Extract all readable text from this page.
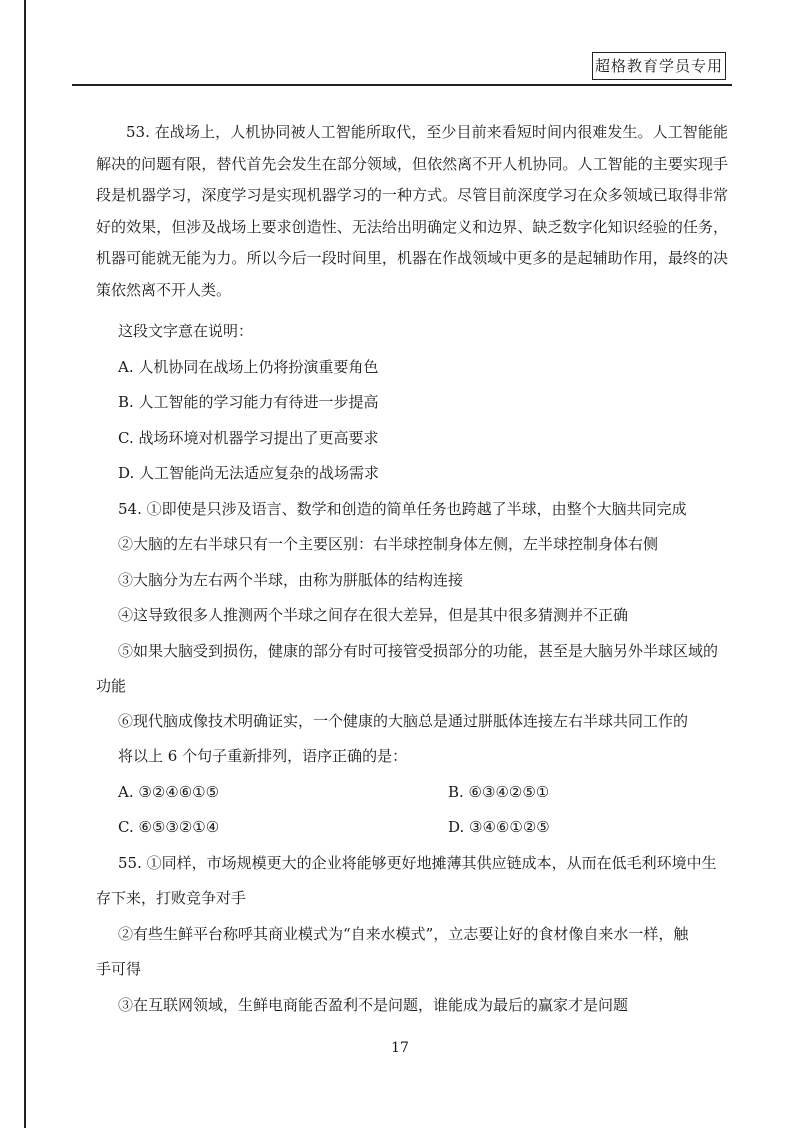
超格教育学员专用

53. 在战场上，人机协同被人工智能所取代，至少目前来看短时间内很难发生。人工智能能解决的问题有限，替代首先会发生在部分领域，但依然离不开人机协同。人工智能的主要实现手段是机器学习，深度学习是实现机器学习的一种方式。尽管目前深度学习在众多领域已取得非常好的效果，但涉及战场上要求创造性、无法给出明确定义和边界、缺乏数字化知识经验的任务，机器可能就无能为力。所以今后一段时间里，机器在作战领域中更多的是起辅助作用，最终的决策依然离不开人类。

这段文字意在说明：

A. 人机协同在战场上仍将扮演重要角色

B. 人工智能的学习能力有待进一步提高

C. 战场环境对机器学习提出了更高要求

D. 人工智能尚无法适应复杂的战场需求

54. ①即使是只涉及语言、数学和创造的简单任务也跨越了半球，由整个大脑共同完成

②大脑的左右半球只有一个主要区别：右半球控制身体左侧，左半球控制身体右侧

③大脑分为左右两个半球，由称为胼胝体的结构连接

④这导致很多人推测两个半球之间存在很大差异，但是其中很多猜测并不正确

⑤如果大脑受到损伤，健康的部分有时可接管受损部分的功能，甚至是大脑另外半球区域的功能

⑥现代脑成像技术明确证实，一个健康的大脑总是通过胼胝体连接左右半球共同工作的

将以上 6 个句子重新排列，语序正确的是：

A. ③②④⑥①⑤	B. ⑥③④②⑤①
C. ⑥⑤③②①④	D. ③④⑥①②⑤

55. ①同样，市场规模更大的企业将能够更好地摊薄其供应链成本，从而在低毛利环境中生

存下来，打败竞争对手

②有些生鲜平台称呼其商业模式为“自来水模式”，立志要让好的食材像自来水一样，触

手可得

③在互联网领域，生鲜电商能否盈利不是问题，谁能成为最后的赢家才是问题

17
